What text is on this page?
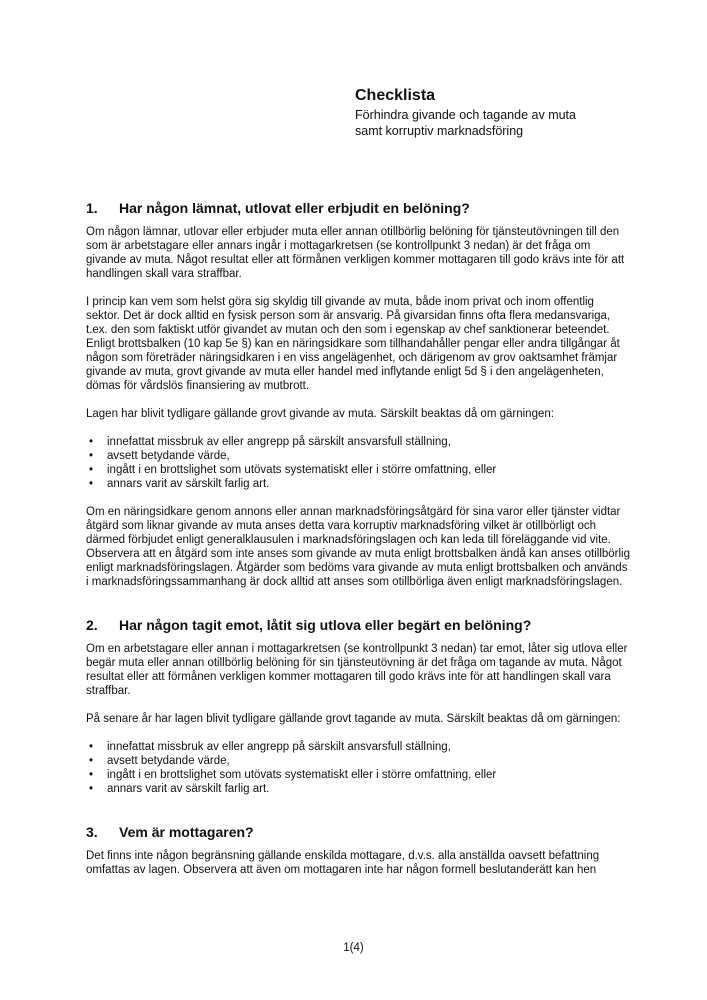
Checklista
Förhindra givande och tagande av muta
samt korruptiv marknadsföring
1.	Har någon lämnat, utlovat eller erbjudit en belöning?

Om någon lämnar, utlovar eller erbjuder muta eller annan otillbörlig belöning för tjänsteutövningen till den som är arbetstagare eller annars ingår i mottagarkretsen (se kontrollpunkt 3 nedan) är det fråga om givande av muta. Något resultat eller att förmånen verkligen kommer mottagaren till godo krävs inte för att handlingen skall vara straffbar.

I princip kan vem som helst göra sig skyldig till givande av muta, både inom privat och inom offentlig sektor. Det är dock alltid en fysisk person som är ansvarig. På givarsidan finns ofta flera medansvariga, t.ex. den som faktiskt utför givandet av mutan och den som i egenskap av chef sanktionerar beteendet. Enligt brottsbalken (10 kap 5e §) kan en näringsidkare som tillhandahåller pengar eller andra tillgångar åt någon som företräder näringsidkaren i en viss angelägenhet, och därigenom av grov oaktsamhet främjar givande av muta, grovt givande av muta eller handel med inflytande enligt 5d § i den angelägenheten, dömas för vårdslös finansiering av mutbrott.

Lagen har blivit tydligare gällande grovt givande av muta. Särskilt beaktas då om gärningen:

•
innefattat missbruk av eller angrepp på särskilt ansvarsfull ställning,
•
avsett betydande värde,
•
ingått i en brottslighet som utövats systematiskt eller i större omfattning, eller
•
annars varit av särskilt farlig art.

Om en näringsidkare genom annons eller annan marknadsföringsåtgärd för sina varor eller tjänster vidtar åtgärd som liknar givande av muta anses detta vara korruptiv marknadsföring vilket är otillbörligt och därmed förbjudet enligt generalklausulen i marknadsföringslagen och kan leda till föreläggande vid vite. Observera att en åtgärd som inte anses som givande av muta enligt brottsbalken ändå kan anses otillbörlig enligt marknadsföringslagen. Åtgärder som bedöms vara givande av muta enligt brottsbalken och används i marknadsföringssammanhang är dock alltid att anses som otillbörliga även enligt marknadsföringslagen.

2.	Har någon tagit emot, låtit sig utlova eller begärt en belöning?

Om en arbetstagare eller annan i mottagarkretsen (se kontrollpunkt 3 nedan) tar emot, låter sig utlova eller begär muta eller annan otillbörlig belöning för sin tjänsteutövning är det fråga om tagande av muta. Något resultat eller att förmånen verkligen kommer mottagaren till godo krävs inte för att handlingen skall vara straffbar.

På senare år har lagen blivit tydligare gällande grovt tagande av muta. Särskilt beaktas då om gärningen:

•
innefattat missbruk av eller angrepp på särskilt ansvarsfull ställning,
•
avsett betydande värde,
•
ingått i en brottslighet som utövats systematiskt eller i större omfattning, eller
•
annars varit av särskilt farlig art.
3.	Vem är mottagaren?

Det finns inte någon begränsning gällande enskilda mottagare, d.v.s. alla anställda oavsett befattning omfattas av lagen. Observera att även om mottagaren inte har någon formell beslutanderätt kan hen

1(4)
